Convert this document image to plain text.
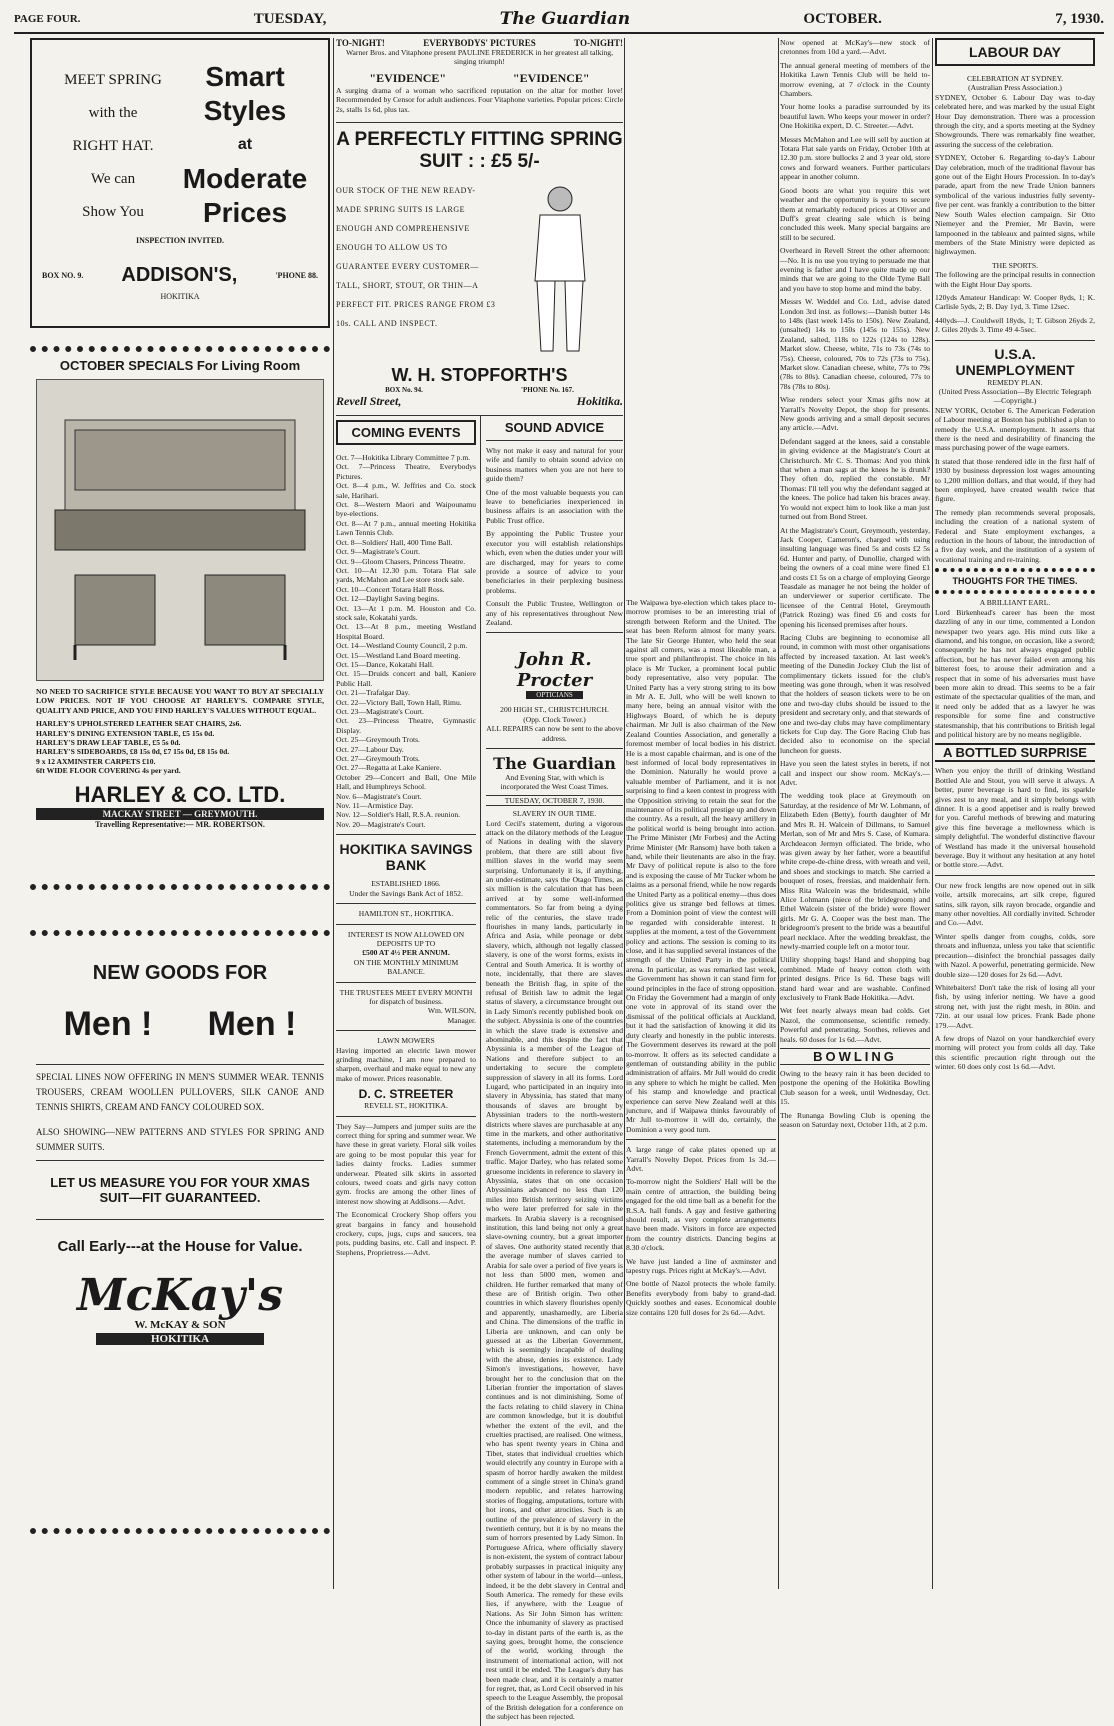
PAGE FOUR.	TUESDAY,	The Guardian	OCTOBER.	7, 1930.
MEET SPRING
with the
RIGHT HAT.
We can
Show You
Smart
Styles
at
Moderate
Prices
INSPECTION INVITED.
BOX NO. 9. ADDISON'S,	'PHONE 88.
HOKITIKA
OCTOBER SPECIALS For Living Room

NO NEED TO SACRIFICE STYLE BECAUSE YOU WANT TO BUY AT SPECIALLY LOW PRICES. NOT IF YOU CHOOSE AT HARLEY'S. COMPARE STYLE, QUALITY AND PRICE, AND YOU FIND HARLEY'S VALUES WITHOUT EQUAL.

HARLEY'S UPHOLSTERED LEATHER SEAT CHAIRS, 2s6.
HARLEY'S DINING EXTENSION TABLE, £5 15s 0d.
HARLEY'S DRAW LEAF TABLE, £5 5s 0d.
HARLEY'S SIDEBOARDS, £8 15s 0d, £7 15s 0d, £8 15s 0d.
9 x 12 AXMINSTER CARPETS £10.
6ft WIDE FLOOR COVERING 4s per yard.
HARLEY & CO. LTD.
MACKAY STREET — GREYMOUTH.
Travelling Representative:— MR. ROBERTSON.
NEW GOODS FOR
Men ! Men !

SPECIAL LINES NOW OFFERING IN MEN'S SUMMER WEAR. TENNIS TROUSERS, CREAM WOOLLEN PULLOVERS, SILK CANOE AND TENNIS SHIRTS, CREAM AND FANCY COLOURED SOX.

ALSO SHOWING—NEW PATTERNS AND STYLES FOR SPRING AND SUMMER SUITS.

LET US MEASURE YOU FOR YOUR XMAS SUIT—FIT GUARANTEED.
Call Early---at the House for Value.
McKay's
W. McKAY & SON
HOKITIKA
TO-NIGHT!	EVERYBODYS' PICTURES	TO-NIGHT!

Warner Bros. and Vitaphone present PAULINE FREDERICK in her greatest all talking, singing triumph!

"EVIDENCE"	"EVIDENCE"

A surging drama of a woman who sacrificed reputation on the altar for mother love! Recommended by Censor for adult audiences. Four Vitaphone varieties. Popular prices: Circle 2s, stalls 1s 6d, plus tax.

A PERFECTLY FITTING SPRING
SUIT : : £5 5/-

OUR STOCK OF THE NEW READY-MADE SPRING SUITS IS LARGE ENOUGH AND COMPREHENSIVE ENOUGH TO ALLOW US TO GUARANTEE EVERY CUSTOMER—TALL, SHORT, STOUT, OR THIN—A PERFECT FIT. PRICES RANGE FROM £3 10s. CALL AND INSPECT.

W. H. STOPFORTH'S
BOX No. 94.	'PHONE No. 167.
Revell Street,	Hokitika.
COMING EVENTS
Oct. 7—Hokitika Library Committee 7 p.m.
Oct. 7—Princess Theatre, Everybodys Pictures.
Oct. 8—4 p.m., W. Jeffries and Co. stock sale, Harihari.
Oct. 8—Western Maori and Waipounamu bye-elections.
Oct. 8—At 7 p.m., annual meeting Hokitika Lawn Tennis Club.
Oct. 8—Soldiers' Hall, 400 Time Ball.
Oct. 9—Magistrate's Court.
Oct. 9—Gloom Chasers, Princess Theatre.
Oct. 10—At 12.30 p.m. Totara Flat sale yards, McMahon and Lee store stock sale.
Oct. 10—Concert Totara Hall Ross.
Oct. 12—Daylight Saving begins.
Oct. 13—At 1 p.m. M. Houston and Co. stock sale, Kokatahi yards.
Oct. 13—At 8 p.m., meeting Westland Hospital Board.
Oct. 14—Westland County Council, 2 p.m.
Oct. 15—Westland Land Board meeting.
Oct. 15—Dance, Kokatahi Hall.
Oct. 15—Druids concert and ball, Kaniere Public Hall.
Oct. 21—Trafalgar Day.
Oct. 22—Victory Ball, Town Hall, Rimu.
Oct. 23—Magistrate's Court.
Oct. 23—Princess Theatre, Gymnastic Display.
Oct. 25—Greymouth Trots.
Oct. 27—Labour Day.
Oct. 27—Greymouth Trots.
Oct. 27—Regatta at Lake Kaniere.
October 29—Concert and Ball, One Mile Hall, and Humphreys School.
Nov. 6—Magistrate's Court.
Nov. 11—Armistice Day.
Nov. 12—Soldier's Hall, R.S.A. reunion.
Nov. 20—Magistrate's Court.
HOKITIKA SAVINGS BANK
ESTABLISHED 1866.
Under the Savings Bank Act of 1852.
HAMILTON ST., HOKITIKA.
INTEREST IS NOW ALLOWED ON DEPOSITS UP TO
£500 AT 4½ PER ANNUM.
ON THE MONTHLY MINIMUM BALANCE.
THE TRUSTEES MEET EVERY MONTH for dispatch of business.
Wm. WILSON,
Manager.
LAWN MOWERS

Having imported an electric lawn mower grinding machine, I am now prepared to sharpen, overhaul and make equal to new any make of mower. Prices reasonable.

D. C. STREETER
REVELL ST., HOKITIKA.

They Say—Jumpers and jumper suits are the correct thing for spring and summer wear. We have these in great variety. Floral silk voiles are going to be most popular this year for ladies dainty frocks. Ladies summer underwear. Pleated silk skirts in assorted colours, tweed coats and girls navy cotton gym. frocks are among the other lines of interest now showing at Addisons.—Advt.

The Economical Crockery Shop offers you great bargains in fancy and household crockery, cups, jugs, cups and saucers, tea pots, pudding basins, etc. Call and inspect. P. Stephens, Proprietress.—Advt.

SOUND ADVICE

Why not make it easy and natural for your wife and family to obtain sound advice on business matters when you are not here to guide them?

One of the most valuable bequests you can leave to beneficiaries inexperienced in business affairs is an association with the Public Trust office.

By appointing the Public Trustee your executor you will establish relationships which, even when the duties under your will are discharged, may for years to come provide a source of advice to your beneficiaries in their perplexing business problems.

Consult the Public Trustee, Wellington or any of his representatives throughout New Zealand.

John R. Procter
OPTICIANS
200 HIGH ST., CHRISTCHURCH.
(Opp. Clock Tower.)
ALL REPAIRS can now be sent to the above address.
The Guardian
And Evening Star, with which is incorporated the West Coast Times.
TUESDAY, OCTOBER 7, 1930.
SLAVERY IN OUR TIME.

Lord Cecil's statement, during a vigorous attack on the dilatory methods of the League of Nations in dealing with the slavery problem, that there are still about five million slaves in the world may seem surprising. Unfortunately it is, if anything, an under-estimate, says the Otago Times, as six million is the calculation that has been arrived at by some well-informed commentators. So far from being a dying relic of the centuries, the slave trade flourishes in many lands, particularly in Africa and Asia, while peonage or debt slavery, which, although not legally classed slavery, is one of the worst forms, exists in Central and South America. It is worthy of note, incidentally, that there are slaves beneath the British flag, in spite of the refusal of British law to admit the legal status of slavery, a circumstance brought out in Lady Simon's recently published book on the subject. Abyssinia is one of the countries in which the slave trade is extensive and abominable, and this despite the fact that Abyssinia is a member of the League of Nations and therefore subject to an undertaking to secure the complete suppression of slavery in all its forms. Lord Lugard, who participated in an inquiry into slavery in Abyssinia, has stated that many thousands of slaves are brought by Abyssinian traders to the north-western districts where slaves are purchasable at any time in the markets, and other authoritative statements, including a memorandum by the French Government, admit the extent of this traffic. Major Darley, who has related some gruesome incidents in reference to slavery in Abyssinia, states that on one occasion Abyssinians advanced no less than 120 miles into British territory seizing victims who were later preferred for sale in the markets. In Arabia slavery is a recognised institution, this land being not only a great slave-owning country, but a great importer of slaves. One authority stated recently that the average number of slaves carried to Arabia for sale over a period of five years is not less than 5000 men, women and children. He further remarked that many of these are of British origin. Two other countries in which slavery flourishes openly and apparently, unashamedly, are Liberia and China. The dimensions of the traffic in Liberia are unknown, and can only be guessed at as the Liberian Government, which is seemingly incapable of dealing with the abuse, denies its existence. Lady Simon's investigations, however, have brought her to the conclusion that on the Liberian frontier the importation of slaves continues and is not diminishing. Some of the facts relating to child slavery in China are common knowledge, but it is doubtful whether the extent of the evil, and the cruelties practised, are realised. One witness, who has spent twenty years in China and Tibet, states that individual cruelties which would electrify any country in Europe with a spasm of horror hardly awaken the mildest comment of a single street in China's grand modern republic, and relates harrowing stories of flogging, amputations, torture with hot irons, and other atrocities. Such is an outline of the prevalence of slavery in the twentieth century, but it is by no means the sum of horrors presented by Lady Simon. In Portuguese Africa, where officially slavery is non-existent, the system of contract labour probably surpasses in practical iniquity any other system of labour in the world—unless, indeed, it be the debt slavery in Central and South America. The remedy for these evils lies, if anywhere, with the League of Nations. As Sir John Simon has written: Once the inhumanity of slavery as practised to-day in distant parts of the earth is, as the saying goes, brought home, the conscience of the world, working through the instrument of international action, will not rest until it be ended. The League's duty has been made clear, and it is certainly a matter for regret, that, as Lord Cecil observed in his speech to the League Assembly, the proposal of the British delegation for a conference on the subject has been rejected.

The Waipawa bye-election which takes place to-morrow promises to be an interesting trial of strength between Reform and the United. The seat has been Reform almost for many years. The late Sir George Hunter, who held the seat against all comers, was a most likeable man, a true sport and philanthropist. The choice in his place is Mr Tucker, a prominent local public body representative, also very popular. The United Party has a very strong string to its bow in Mr A. E. Jull, who will be well known to many here, being an annual visitor with the Highways Board, of which he is deputy chairman. Mr Jull is also chairman of the New Zealand Counties Association, and generally a foremost member of local bodies in his district. He is a most capable chairman, and is one of the best informed of local body representatives in the Dominion. Naturally he would prove a valuable member of Parliament, and it is not surprising to find a keen contest in progress with the Opposition striving to retain the seat for the maintenance of its political prestige up and down the country. As a result, all the heavy artillery in the political world is being brought into action. The Prime Minister (Mr Forbes) and the Acting Prime Minister (Mr Ransom) have both taken a hand, while their lieutenants are also in the fray. Mr Davy of political repute is also to the fore and is exposing the cause of Mr Tucker whom he claims as a personal friend, while he now regards the United Party as a political enemy—thus does politics give us strange bed fellows at times. From a Dominion point of view the contest will be regarded with considerable interest. It supplies at the moment, a test of the Government policy and actions. The session is coming to its close, and it has supplied several instances of the strength of the United Party in the political arena. In particular, as was remarked last week, the Government has shown it can stand firm for sound principles in the face of strong opposition. On Friday the Government had a margin of only one vote in approval of its stand over the dismissal of the political officials at Auckland, but it had the satisfaction of knowing it did its duty clearly and honestly in the public interests. The Government deserves its reward at the poll to-morrow. It offers as its selected candidate a gentleman of outstanding ability in the public administration of affairs. Mr Jull would do credit in any sphere to which he might be called. Men of his stamp and knowledge and practical experience can serve New Zealand well at this juncture, and if Waipawa thinks favourably of Mr Jull to-morrow it will do, certainly, the Dominion a very good turn.

A large range of cake plates opened up at Yarrall's Novelty Depot. Prices from 1s 3d.—Advt.

To-morrow night the Soldiers' Hall will be the main centre of attraction, the building being engaged for the old time ball as a benefit for the R.S.A. hall funds. A gay and festive gathering should result, as very complete arrangements have been made. Visitors in force are expected from the country districts. Dancing begins at 8.30 o'clock.

We have just landed a line of axminster and tapestry rugs. Prices right at McKay's.—Advt.

One bottle of Nazol protects the whole family. Benefits everybody from baby to grand-dad. Quickly soothes and eases. Economical double size contains 120 full doses for 2s 6d.—Advt.

Now opened at McKay's—new stock of cretonnes from 10d a yard.—Advt.

The annual general meeting of members of the Hokitika Lawn Tennis Club will be held to-morrow evening, at 7 o'clock in the County Chambers.

Your home looks a paradise surrounded by its beautiful lawn. Who keeps your mower in order? One Hokitika expert, D. C. Streeter.—Advt.

Messrs McMahon and Lee will sell by auction at Totara Flat sale yards on Friday, October 10th at 12.30 p.m. store bullocks 2 and 3 year old, store cows and forward weaners. Further particulars appear in another column.

Good boots are what you require this wet weather and the opportunity is yours to secure them at remarkably reduced prices at Oliver and Duff's great clearing sale which is being concluded this week. Many special bargains are still to be secured.

Overheard in Revell Street the other afternoon:—No. It is no use you trying to persuade me that evening is father and I have quite made up our minds that we are going to the Olde Tyme Ball and you have to stop home and mind the baby.

Messrs W. Weddel and Co. Ltd., advise dated London 3rd inst. as follows:—Danish butter 14s to 148s (last week 145s to 150s). New Zealand, (unsalted) 14s to 150s (145s to 155s). New Zealand, salted, 118s to 122s (124s to 128s). Market slow. Cheese, white, 71s to 73s (74s to 75s). Cheese, coloured, 70s to 72s (73s to 75s). Market slow. Canadian cheese, white, 77s to 79s (78s to 80s). Canadian cheese, coloured, 77s to 78s (78s to 80s).

Wise renders select your Xmas gifts now at Yarrall's Novelty Depot, the shop for presents. New goods arriving and a small deposit secures any article.—Advt.

Defendant sagged at the knees, said a constable in giving evidence at the Magistrate's Court at Christchurch. Mr C. S. Thomas: And you think that when a man sags at the knees he is drunk? They often do, replied the constable. Mr Thomas: I'll tell you why the defendant sagged at the knees. The police had taken his braces away. Yo would not expect him to look like a man just turned out from Bond Street.

At the Magistrate's Court, Greymouth, yesterday, Jack Cooper, Cameron's, charged with using insulting language was fined 5s and costs £2 5s 6d. Hunter and party, of Dunollie, charged with being the owners of a coal mine were fined £1 and costs £1 5s on a charge of employing George Teasdale as manager he not being the holder of an underviewer or superior certificate. The licensee of the Central Hotel, Greymouth (Patrick Rozing) was fined £6 and costs for opening his licensed premises after hours.

Racing Clubs are beginning to economise all round, in common with most other organisations affected by increased taxation. At last week's meeting of the Dunedin Jockey Club the list of complimentary tickets issued for the club's meeting was gone through, when it was resolved that the holders of season tickets were to be on one and two-day clubs should be issued to the president and secretary only, and that stewards of one and two-day clubs may have complimentary tickets for Cup day. The Gore Racing Club has decided also to economise on the special luncheon for guests.

Have you seen the latest styles in berets, if not call and inspect our show room. McKay's.—Advt.

The wedding took place at Greymouth on Saturday, at the residence of Mr W. Lohmann, of Elizabeth Eden (Betty), fourth daughter of Mr and Mrs R. H. Walcein of Dillmans, to Samuel Merlan, son of Mr and Mrs S. Case, of Kumara. Archdeacon Jermyn officiated. The bride, who was given away by her father, wore a beautiful white crepe-de-chine dress, with wreath and veil, and shoes and stockings to match. She carried a bouquet of roses, freesias, and maidenhair fern. Miss Rita Walcein was the bridesmaid, while Alice Lohmann (niece of the bridegroom) and Ethel Walcein (sister of the bride) were flower girls. Mr G. A. Cooper was the best man. The bridegroom's present to the bride was a beautiful pearl necklace. After the wedding breakfast, the newly-married couple left on a motor tour.

Utility shopping bags! Hand and shopping bag combined. Made of heavy cotton cloth with printed designs. Price 1s 6d. These bags will stand hard wear and are washable. Confined exclusively to Frank Bade Hokitika.—Advt.

Wet feet nearly always mean bad colds. Get Nazol, the commonsense, scientific remedy. Powerful and penetrating. Soothes, relieves and heals. 60 doses for 1s 6d.—Advt.

BOWLING

Owing to the heavy rain it has been decided to postpone the opening of the Hokitika Bowling Club season for a week, until Wednesday, Oct. 15.

The Runanga Bowling Club is opening the season on Saturday next, October 11th, at 2 p.m.

LABOUR DAY
CELEBRATION AT SYDNEY.
(Australian Press Association.)

SYDNEY, October 6. Labour Day was to-day celebrated here, and was marked by the usual Eight Hour Day demonstration. There was a procession through the city, and a sports meeting at the Sydney Showgrounds. There was remarkably fine weather, assuring the success of the celebration.

SYDNEY, October 6. Regarding to-day's Labour Day celebration, much of the traditional flavour has gone out of the Eight Hours Procession. In to-day's parade, apart from the new Trade Union banners symbolical of the various industries fully seventy-five per cent. was frankly a contribution to the bitter New South Wales election campaign. Sir Otto Niemeyer and the Premier, Mr Bavin, were lampooned in the tableaux and painted signs, while members of the State Ministry were depicted as highwaymen.

THE SPORTS.

The following are the principal results in connection with the Eight Hour Day sports.

120yds Amateur Handicap: W. Cooper 8yds, 1; K. Carlisle 5yds, 2; B. Day 1yd, 3. Time 12sec.

440yds—J. Couldwell 18yds, 1; T. Gibson 26yds 2, J. Giles 20yds 3. Time 49 4-5sec.

U.S.A. UNEMPLOYMENT
REMEDY PLAN.
(United Press Association—By Electric Telegraph—Copyright.)

NEW YORK, October 6. The American Federation of Labour meeting at Boston has published a plan to remedy the U.S.A. unemployment. It asserts that there is the need and desirability of financing the mass purchasing power of the wage earners.

It stated that those rendered idle in the first half of 1930 by business depression lost wages amounting to 1,200 million dollars, and that would, if they had been employed, have created wealth twice that figure.

The remedy plan recommends several proposals, including the creation of a national system of Federal and State employment exchanges, a reduction in the hours of labour, the introduction of a five day week, and the institution of a system of vocational training and re-training.

THOUGHTS FOR THE TIMES.
A BRILLIANT EARL.

Lord Birkenhead's career has been the most dazzling of any in our time, commented a London newspaper two years ago. His mind cuts like a diamond, and his tongue, on occasion, like a sword; consequently he has not always engaged public affection, but he has never failed even among his bitterest foes, to arouse their admiration and a respect that in some of his adversaries must have been more akin to dread. This seems to be a fair estimate of the spectacular qualities of the man, and it need only be added that as a lawyer he was responsible for some fine and constructive statesmanship, that his contributions to British legal and political history are by no means negligible.

A BOTTLED SURPRISE

When you enjoy the thrill of drinking Westland Bottled Ale and Stout, you will serve it always. A better, purer beverage is hard to find, its sparkle gives zest to any meal, and it simply belongs with dinner. It is a good appetiser and is really brewed for you. Careful methods of brewing and maturing give this fine beverage a mellowness which is simply delightful. The wonderful distinctive flavour of Westland has made it the universal household beverage. Buy it without any hesitation at any hotel or bottle store.—Advt.

Our new frock lengths are now opened out in silk voile, artsilk morecains, art silk crepe, figured satins, silk rayon, silk rayon brocade, organdie and many other novelties. All cordially invited. Schroder and Co.—Advt.

Winter spells danger from coughs, colds, sore throats and influenza, unless you take that scientific precaution—disinfect the bronchial passages daily with Nazol. A powerful, penetrating germicide. New double size—120 doses for 2s 6d.—Advt.

Whitebaiters! Don't take the risk of losing all your fish, by using inferior netting. We have a good strong net, with just the right mesh, in 80in. and 72in. at our usual low prices. Frank Bade phone 179.—Advt.

A few drops of Nazol on your handkerchief every morning will protect you from colds all day. Take this scientific precaution right through out the winter. 60 does only cost 1s 6d.—Advt.
